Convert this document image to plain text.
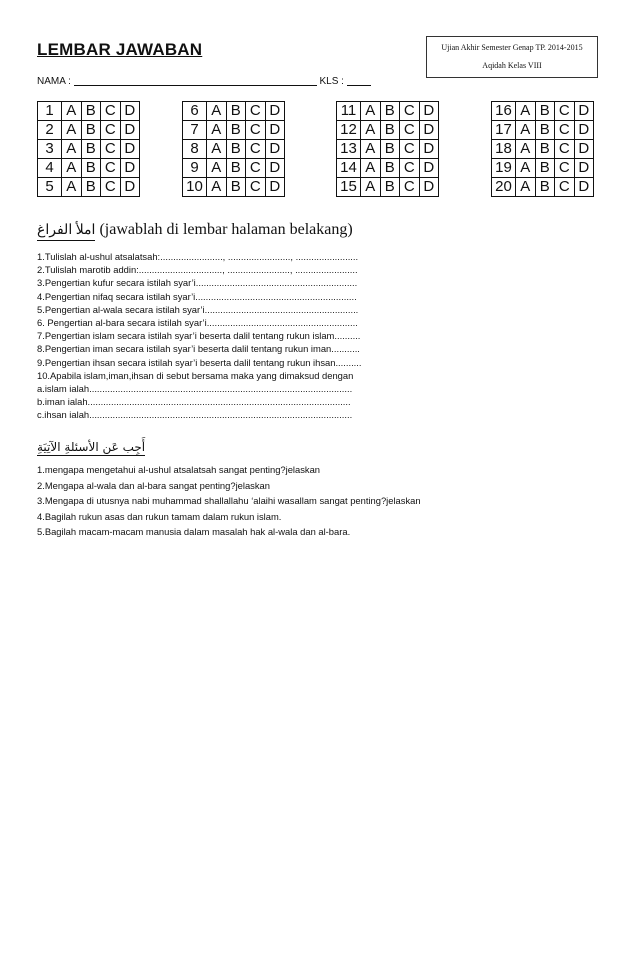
LEMBAR JAWABAN	Ujian Akhir Semester Genap TP. 2014-2015
Aqidah Kelas VIII
NAMA :	KLS :
1	A	B	C	D
2	A	B	C	D
3	A	B	C	D
4	A	B	C	D
5	A	B	C	D
6	A	B	C	D
7	A	B	C	D
8	A	B	C	D
9	A	B	C	D
10	A	B	C	D
11	A	B	C	D
12	A	B	C	D
13	A	B	C	D
14	A	B	C	D
15	A	B	C	D
16	A	B	C	D
17	A	B	C	D
18	A	B	C	D
19	A	B	C	D
20	A	B	C	D
املأ الفراغ (jawablah di lembar halaman belakang)
1.Tulislah al-ushul atsalatsah:........................, ........................, ........................
2.Tulislah marotib addin:................................, ........................, ........................
3.Pengertian kufur secara istilah syar’i..............................................................
4.Pengertian nifaq secara istilah syar’i..............................................................
5.Pengertian al-wala secara istilah syar’i...........................................................
6. Pengertian al-bara secara istilah syar’i..........................................................
7.Pengertian islam secara istilah syar’i beserta dalil tentang rukun islam..........
8.Pengertian iman secara istilah syar’i beserta dalil tentang rukun iman...........
9.Pengertian ihsan secara istilah syar’i beserta dalil tentang rukun ihsan..........
10.Apabila islam,iman,ihsan di sebut bersama maka yang dimaksud dengan
a.islam ialah.....................................................................................................
b.iman ialah.....................................................................................................
c.ihsan ialah.....................................................................................................
أَجِب عَن الأسئلةِ الآتِيَةِ
1.mengapa mengetahui al-ushul atsalatsah sangat penting?jelaskan
2.Mengapa al-wala dan al-bara sangat penting?jelaskan
3.Mengapa di utusnya nabi muhammad shallallahu ‘alaihi wasallam sangat penting?jelaskan
4.Bagilah rukun asas dan rukun tamam dalam rukun islam.
5.Bagilah macam-macam manusia dalam masalah hak al-wala dan al-bara.
